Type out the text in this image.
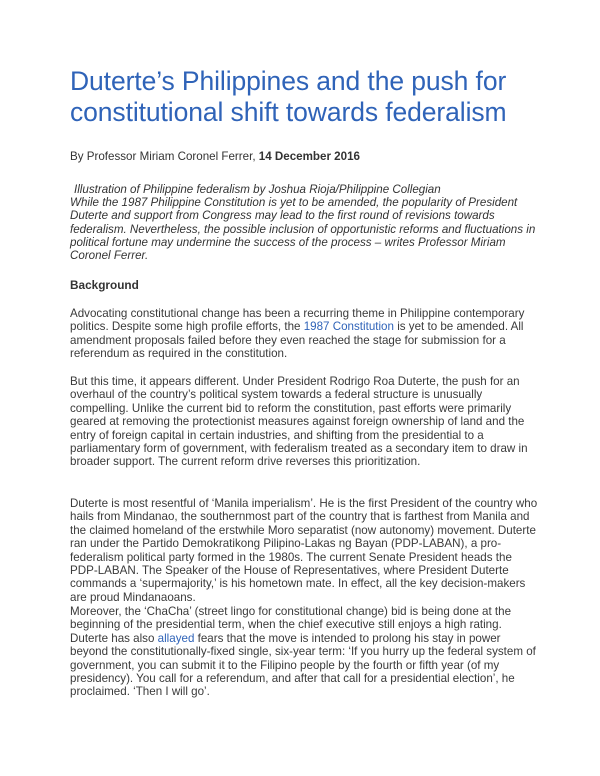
Duterte’s Philippines and the push for constitutional shift towards federalism

By Professor Miriam Coronel Ferrer, 14 December 2016

Illustration of Philippine federalism by Joshua Rioja/Philippine Collegian
While the 1987 Philippine Constitution is yet to be amended, the popularity of President Duterte and support from Congress may lead to the first round of revisions towards federalism. Nevertheless, the possible inclusion of opportunistic reforms and fluctuations in political fortune may undermine the success of the process – writes Professor Miriam Coronel Ferrer.

Background

Advocating constitutional change has been a recurring theme in Philippine contemporary politics. Despite some high profile efforts, the 1987 Constitution is yet to be amended. All amendment proposals failed before they even reached the stage for submission for a referendum as required in the constitution.

But this time, it appears different. Under President Rodrigo Roa Duterte, the push for an overhaul of the country’s political system towards a federal structure is unusually compelling. Unlike the current bid to reform the constitution, past efforts were primarily geared at removing the protectionist measures against foreign ownership of land and the entry of foreign capital in certain industries, and shifting from the presidential to a parliamentary form of government, with federalism treated as a secondary item to draw in broader support. The current reform drive reverses this prioritization.

Duterte is most resentful of ‘Manila imperialism’. He is the first President of the country who hails from Mindanao, the southernmost part of the country that is farthest from Manila and the claimed homeland of the erstwhile Moro separatist (now autonomy) movement. Duterte ran under the Partido Demokratikong Pilipino-Lakas ng Bayan (PDP-LABAN), a pro-federalism political party formed in the 1980s. The current Senate President heads the PDP-LABAN. The Speaker of the House of Representatives, where President Duterte commands a ‘supermajority,’ is his hometown mate. In effect, all the key decision-makers are proud Mindanaoans.

Moreover, the ‘ChaCha’ (street lingo for constitutional change) bid is being done at the beginning of the presidential term, when the chief executive still enjoys a high rating. Duterte has also allayed fears that the move is intended to prolong his stay in power beyond the constitutionally-fixed single, six-year term: ‘If you hurry up the federal system of government, you can submit it to the Filipino people by the fourth or fifth year (of my presidency). You call for a referendum, and after that call for a presidential election’, he proclaimed. ‘Then I will go’.
